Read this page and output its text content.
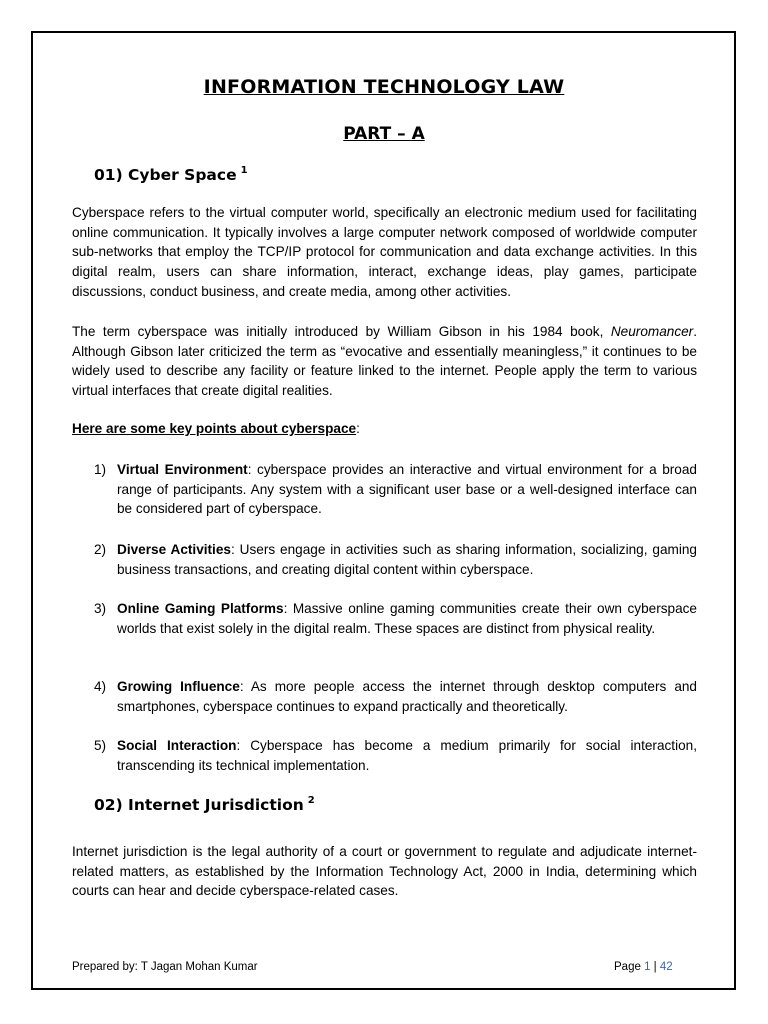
INFORMATION TECHNOLOGY LAW
PART – A
01) Cyber Space $^1$

Cyberspace refers to the virtual computer world, specifically an electronic medium used for facilitating online communication. It typically involves a large computer network composed of worldwide computer sub-networks that employ the TCP/IP protocol for communication and data exchange activities. In this digital realm, users can share information, interact, exchange ideas, play games, participate discussions, conduct business, and create media, among other activities.

The term cyberspace was initially introduced by William Gibson in his 1984 book, Neuromancer. Although Gibson later criticized the term as “evocative and essentially meaningless,” it continues to be widely used to describe any facility or feature linked to the internet. People apply the term to various virtual interfaces that create digital realities.

Here are some key points about cyberspace:
1) Virtual Environment: cyberspace provides an interactive and virtual environment for a broad range of participants. Any system with a significant user base or a well-designed interface can be considered part of cyberspace.
2) Diverse Activities: Users engage in activities such as sharing information, socializing, gaming business transactions, and creating digital content within cyberspace.
3) Online Gaming Platforms: Massive online gaming communities create their own cyberspace worlds that exist solely in the digital realm. These spaces are distinct from physical reality.
4) Growing Influence: As more people access the internet through desktop computers and smartphones, cyberspace continues to expand practically and theoretically.
5) Social Interaction: Cyberspace has become a medium primarily for social interaction, transcending its technical implementation.
02) Internet Jurisdiction $^2$

Internet jurisdiction is the legal authority of a court or government to regulate and adjudicate internet-related matters, as established by the Information Technology Act, 2000 in India, determining which courts can hear and decide cyberspace-related cases.

Prepared by: T Jagan Mohan Kumar	Page 1 | 42
